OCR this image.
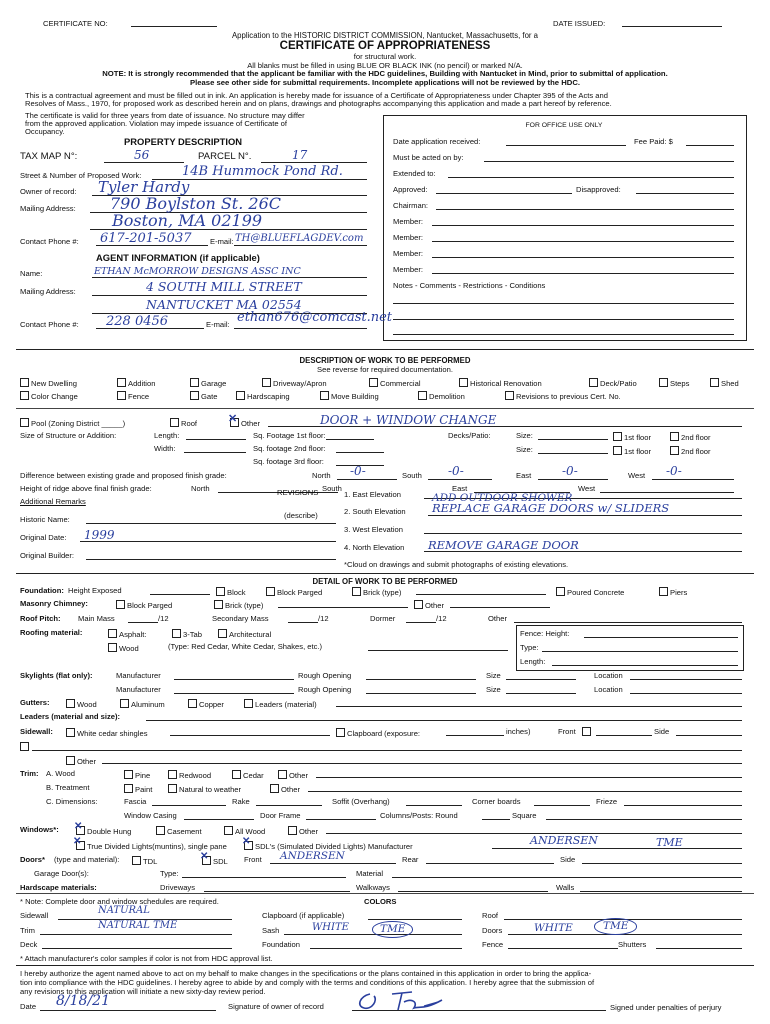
CERTIFICATE NO:	DATE ISSUED:
Application to the HISTORIC DISTRICT COMMISSION, Nantucket, Massachusetts, for a
CERTIFICATE OF APPROPRIATENESS
for structural work.
All blanks must be filled in using BLUE OR BLACK INK (no pencil) or marked N/A.
NOTE: It is strongly recommended that the applicant be familiar with the HDC guidelines, Building with Nantucket in Mind, prior to submittal of application.
Please see other side for submittal requirements. Incomplete applications will not be reviewed by the HDC.
This is a contractual agreement and must be filled out in ink. An application is hereby made for issuance of a Certificate of Appropriateness under Chapter 395 of the Acts and
Resolves of Mass., 1970, for proposed work as described herein and on plans, drawings and photographs accompanying this application and made a part hereof by reference.
The certificate is valid for three years from date of issuance. No structure may differ
from the approved application. Violation may impede issuance of Certificate of
Occupancy.
FOR OFFICE USE ONLY
Date application received:	Fee Paid: $
Must be acted on by:
Extended to:
Approved:	Disapproved:
Chairman:
Member:
Member:
Member:
Member:
Notes - Comments - Restrictions - Conditions
PROPERTY DESCRIPTION
TAX MAP N°:	56	PARCEL N°.	17
Street & Number of Proposed Work:	14B Hummock Pond Rd.
Owner of record: Tyler Hardy
Mailing Address: 790 Boylston St. 26C
Boston, MA 02199
Contact Phone #: 617-201-5037 E-mail: TH@BLUEFLAGDEV.com
AGENT INFORMATION (if applicable)
Name:	ETHAN McMORROW DESIGNS ASSC INC
Mailing Address:	4 SOUTH MILL STREET
NANTUCKET MA 02554
Contact Phone #: 228 0456	E-mail: ethan676@comcast.net
DESCRIPTION OF WORK TO BE PERFORMED
See reverse for required documentation.
New Dwelling	Addition	Garage	Driveway/Apron	Commercial	Historical Renovation	Deck/Patio	Steps	Shed
Color Change	Fence	Gate	Hardscaping	Move Building	Demolition	Revisions to previous Cert. No.
Pool (Zoning District _____)	Roof	Other
✕	DOOR + WINDOW CHANGE
Size of Structure or Addition:	Length:
Width:
Sq. Footage 1st floor:
Sq. footage 2nd floor:
Sq. footage 3rd floor:
Decks/Patio:	Size:	1st floor	2nd floor
Size:	1st floor	2nd floor
Difference between existing grade and proposed finish grade:	North -0-	South -0-	East	-0-	West -0-
Height of ridge above final finish grade:	North	REVISIONS South	East	West
Additional Remarks
1. East Elevation	ADD OUTDOOR SHOWER
Historic Name:	(describe)	2. South Elevation REPLACE GARAGE DOORS w/ SLIDERS
3. West Elevation
Original Date: 1999
4. North Elevation REMOVE GARAGE DOOR
Original Builder:
*Cloud on drawings and submit photographs of existing elevations.
DETAIL OF WORK TO BE PERFORMED
Foundation: Height Exposed	Block	Block Parged	Brick (type)	Poured Concrete	Piers
Masonry Chimney:	Block Parged	Brick (type)	Other
Roof Pitch: Main Mass	/12	Secondary Mass	/12	Dormer	/12	Other
Roofing material:	Asphalt:	3-Tab	Architectural
Wood	(Type: Red Cedar, White Cedar, Shakes, etc.)
Fence: Height:
Type:
Length:
Skylights (flat only):	Manufacturer	Rough Opening	Size	Location
Manufacturer	Rough Opening	Size	Location
Gutters:	Wood	Aluminum	Copper	Leaders (material)
Leaders (material and size):
Sidewall:	White cedar shingles	Clapboard (exposure:	inches)	Front	Side
Other
Trim: A. Wood	Pine	Redwood	Cedar	Other
B. Treatment	Paint	Natural to weather	Other
C. Dimensions:	Fascia	Rake	Soffit (Overhang)	Corner boards	Frieze
Window Casing	Door Frame	Columns/Posts: Round	Square
Windows*:	Double Hung
✕	Casement	All Wood	Other
True Divided Lights(muntins), single pane
✕	SDL's (Simulated Divided Lights) Manufacturer
✕	ANDERSEN	TME
Doors* (type and material):	TDL	SDL
✕	Front ANDERSEN	Rear	Side
Garage Door(s):	Type:	Material
Hardscape materials:	Driveways	Walkways	Walls
* Note: Complete door and window schedules are required.	COLORS
Sidewall	NATURAL	Clapboard (if applicable)	Roof
Trim	NATURAL TME	Sash	WHITE	TME	Doors	WHITE	TME
Deck	Foundation	Fence	Shutters
* Attach manufacturer's color samples if color is not from HDC approval list.
I hereby authorize the agent named above to act on my behalf to make changes in the specifications or the plans contained in this application in order to bring the applica-
tion into compliance with the HDC guidelines. I hereby agree to abide by and comply with the terms and conditions of this application. I hereby agree that the submission of
any revisions to this application will initiate a new sixty-day review period.
Date 8/18/21	Signature of owner of record	Signed under penalties of perjury
